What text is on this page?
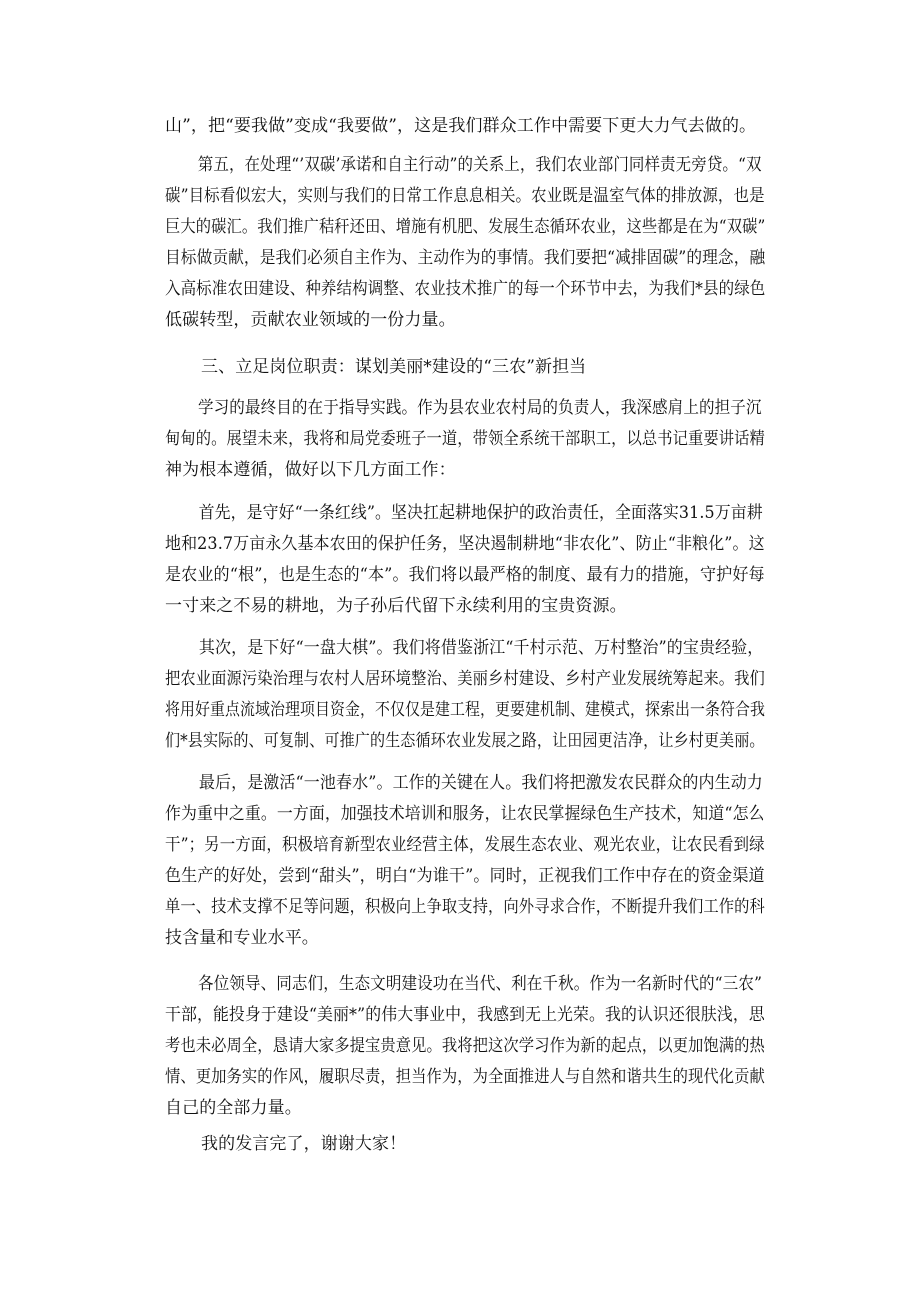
山”，把“要我做”变成“我要做”，这是我们群众工作中需要下更大力气去做的。
第五，在处理“’双碳’承诺和自主行动”的关系上，我们农业部门同样责无旁贷。“双
碳”目标看似宏大，实则与我们的日常工作息息相关。农业既是温室气体的排放源，也是
巨大的碳汇。我们推广秸秆还田、增施有机肥、发展生态循环农业，这些都是在为“双碳”
目标做贡献，是我们必须自主作为、主动作为的事情。我们要把“减排固碳”的理念，融
入高标准农田建设、种养结构调整、农业技术推广的每一个环节中去，为我们*县的绿色
低碳转型，贡献农业领域的一份力量。
三、立足岗位职责：谋划美丽*建设的“三农”新担当
学习的最终目的在于指导实践。作为县农业农村局的负责人，我深感肩上的担子沉
甸甸的。展望未来，我将和局党委班子一道，带领全系统干部职工，以总书记重要讲话精
神为根本遵循，做好以下几方面工作：
首先，是守好“一条红线”。坚决扛起耕地保护的政治责任，全面落实31.5万亩耕
地和23.7万亩永久基本农田的保护任务，坚决遏制耕地“非农化”、防止“非粮化”。这
是农业的“根”，也是生态的“本”。我们将以最严格的制度、最有力的措施，守护好每
一寸来之不易的耕地，为子孙后代留下永续利用的宝贵资源。
其次，是下好“一盘大棋”。我们将借鉴浙江“千村示范、万村整治”的宝贵经验，
把农业面源污染治理与农村人居环境整治、美丽乡村建设、乡村产业发展统筹起来。我们
将用好重点流域治理项目资金，不仅仅是建工程，更要建机制、建模式，探索出一条符合我
们*县实际的、可复制、可推广的生态循环农业发展之路，让田园更洁净，让乡村更美丽。
最后，是激活“一池春水”。工作的关键在人。我们将把激发农民群众的内生动力
作为重中之重。一方面，加强技术培训和服务，让农民掌握绿色生产技术，知道“怎么
干”；另一方面，积极培育新型农业经营主体，发展生态农业、观光农业，让农民看到绿
色生产的好处，尝到“甜头”，明白“为谁干”。同时，正视我们工作中存在的资金渠道
单一、技术支撑不足等问题，积极向上争取支持，向外寻求合作，不断提升我们工作的科
技含量和专业水平。
各位领导、同志们，生态文明建设功在当代、利在千秋。作为一名新时代的“三农”
干部，能投身于建设“美丽*”的伟大事业中，我感到无上光荣。我的认识还很肤浅，思
考也未必周全，恳请大家多提宝贵意见。我将把这次学习作为新的起点，以更加饱满的热
情、更加务实的作风，履职尽责，担当作为，为全面推进人与自然和谐共生的现代化贡献
自己的全部力量。
我的发言完了，谢谢大家！
